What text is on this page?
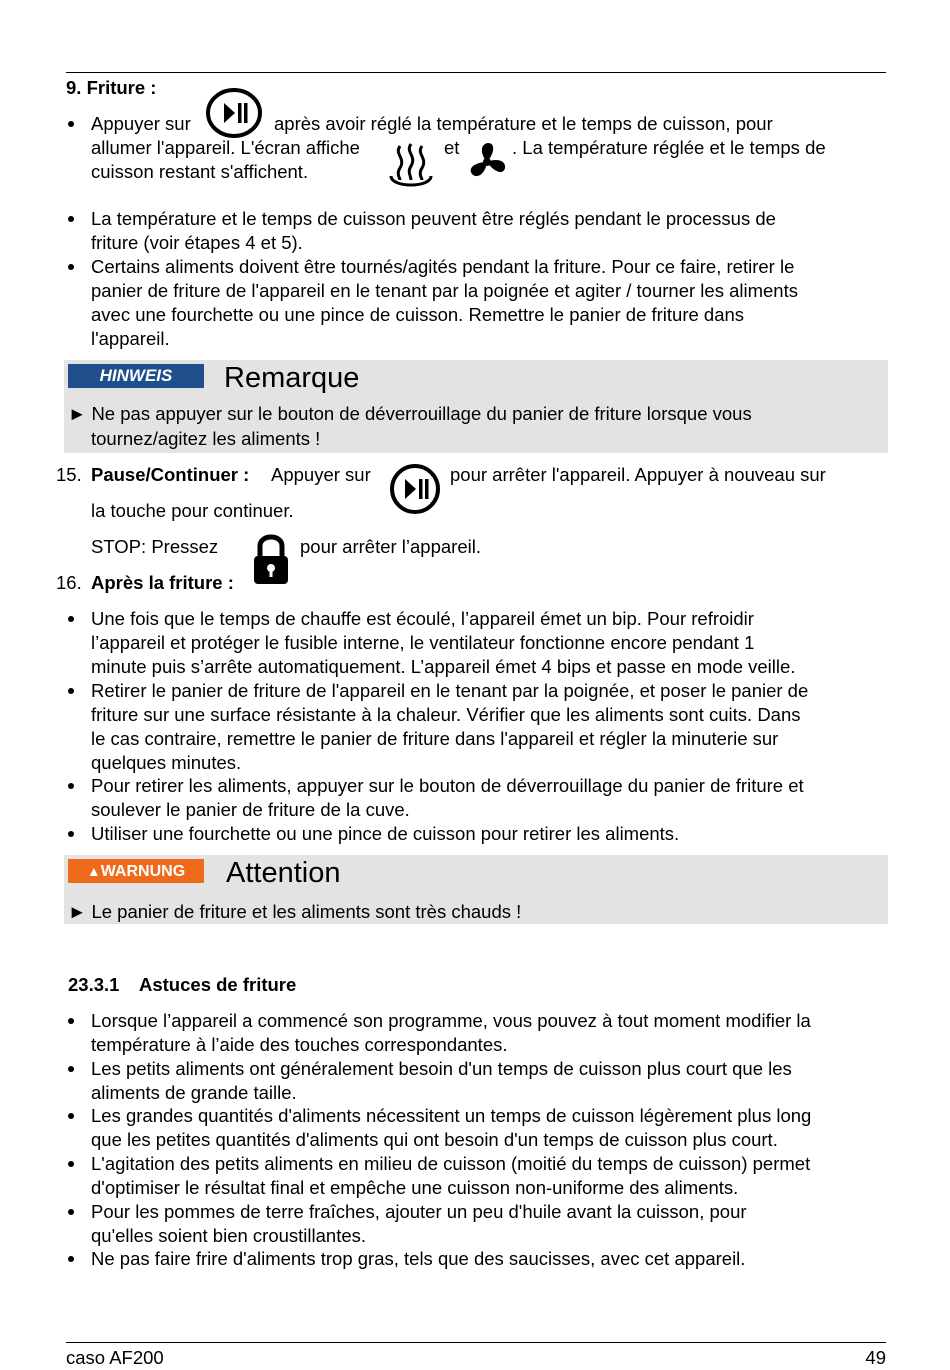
9. Friture :
Appuyer sur	après avoir réglé la température et le temps de cuisson, pour
allumer l'appareil. L'écran affiche	et	. La température réglée et le temps de
cuisson restant s'affichent.
La température et le temps de cuisson peuvent être réglés pendant le processus de
friture (voir étapes 4 et 5).
Certains aliments doivent être tournés/agités pendant la friture. Pour ce faire, retirer le
panier de friture de l'appareil en le tenant par la poignée et agiter / tourner les aliments
avec une fourchette ou une pince de cuisson. Remettre le panier de friture dans
l'appareil.
HINWEIS	Remarque
► Ne pas appuyer sur le bouton de déverrouillage du panier de friture lorsque vous
tournez/agitez les aliments !
15. Pause/Continuer : Appuyer sur	pour arrêter l'appareil. Appuyer à nouveau sur
la touche pour continuer.
STOP: Pressez	pour arrêter l’appareil.
16. Après la friture :
Une fois que le temps de chauffe est écoulé, l’appareil émet un bip. Pour refroidir
l’appareil et protéger le fusible interne, le ventilateur fonctionne encore pendant 1
minute puis s’arrête automatiquement. L’appareil émet 4 bips et passe en mode veille.
Retirer le panier de friture de l'appareil en le tenant par la poignée, et poser le panier de
friture sur une surface résistante à la chaleur. Vérifier que les aliments sont cuits. Dans
le cas contraire, remettre le panier de friture dans l'appareil et régler la minuterie sur
quelques minutes.
Pour retirer les aliments, appuyer sur le bouton de déverrouillage du panier de friture et
soulever le panier de friture de la cuve.
Utiliser une fourchette ou une pince de cuisson pour retirer les aliments.
▲WARNUNG	Attention
► Le panier de friture et les aliments sont très chauds !
23.3.1 Astuces de friture
Lorsque l’appareil a commencé son programme, vous pouvez à tout moment modifier la
température à l’aide des touches correspondantes.
Les petits aliments ont généralement besoin d'un temps de cuisson plus court que les
aliments de grande taille.
Les grandes quantités d'aliments nécessitent un temps de cuisson légèrement plus long
que les petites quantités d'aliments qui ont besoin d'un temps de cuisson plus court.
L'agitation des petits aliments en milieu de cuisson (moitié du temps de cuisson) permet
d'optimiser le résultat final et empêche une cuisson non-uniforme des aliments.
Pour les pommes de terre fraîches, ajouter un peu d'huile avant la cuisson, pour
qu'elles soient bien croustillantes.
Ne pas faire frire d'aliments trop gras, tels que des saucisses, avec cet appareil.
caso AF200	49
